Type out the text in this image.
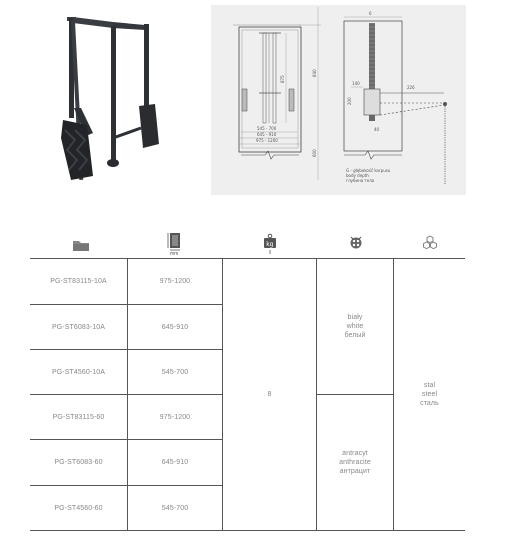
875
545 - 700
645 - 910
975 - 1200
840
600
6
140
200
40
226
G - głębokość korpusu
body depth
глубина тела
mm
kg
PG-ST83115-10A
PG-ST6083-10A
PG-ST4560-10A
PG-ST83115-60
PG-ST6083-60
PG-ST4560-60
975-1200
645-910
545-700
975-1200
645-910
545-700
8
biały
white
белый
antracyt
anthracite
антрацит
stal
steel
сталь
